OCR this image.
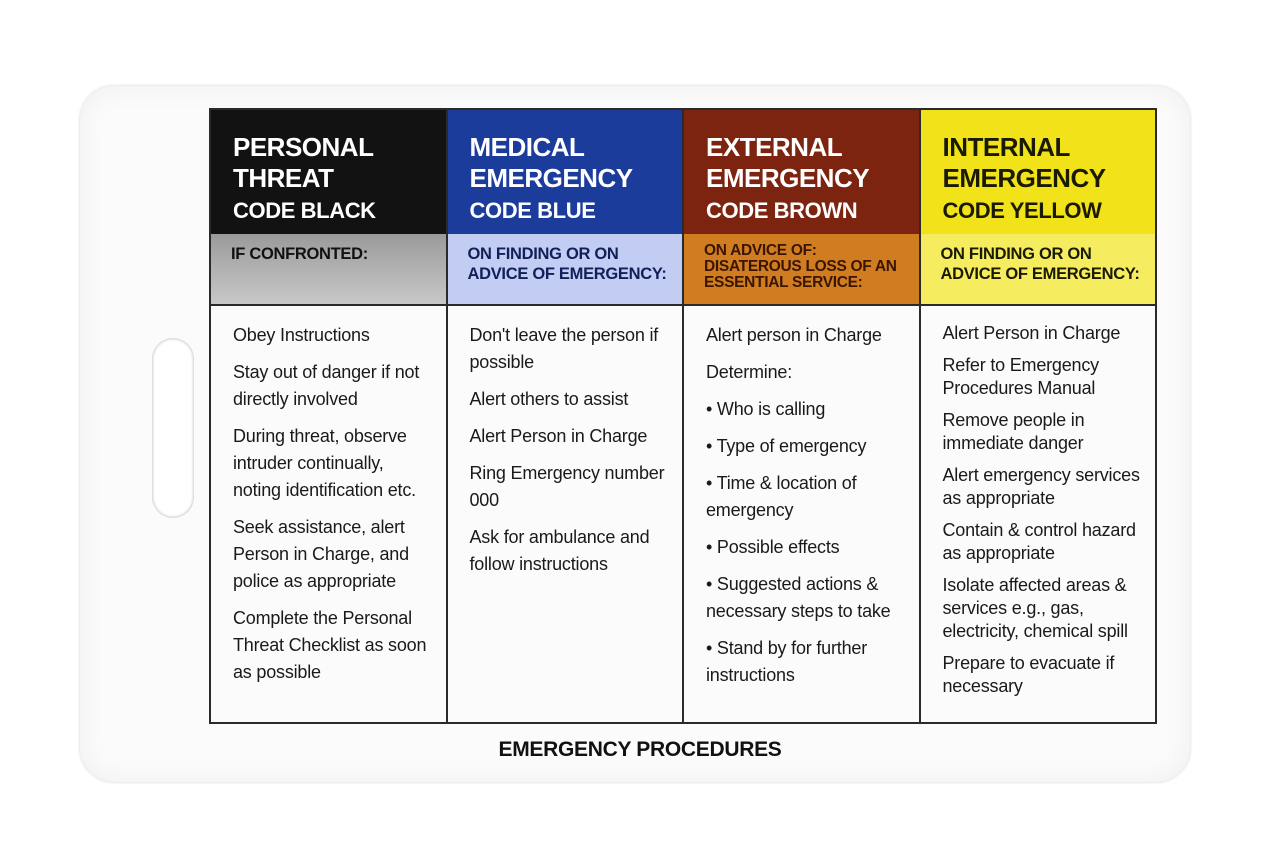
PERSONAL
THREAT
CODE BLACK
IF CONFRONTED:
Obey Instructions
Stay out of danger if not directly involved
During threat, observe intruder continually, noting identification etc.
Seek assistance, alert Person in Charge, and police as appropriate
Complete the Personal Threat Checklist as soon as possible
MEDICAL
EMERGENCY
CODE BLUE
ON FINDING OR ON ADVICE OF EMERGENCY:
Don't leave the person if possible
Alert others to assist
Alert Person in Charge
Ring Emergency number 000
Ask for ambulance and follow instructions
EXTERNAL
EMERGENCY
CODE BROWN
ON ADVICE OF: DISATEROUS LOSS OF AN ESSENTIAL SERVICE:
Alert person in Charge
Determine:
• Who is calling
• Type of emergency
• Time & location of emergency
• Possible effects
• Suggested actions & necessary steps to take
• Stand by for further instructions
INTERNAL
EMERGENCY
CODE YELLOW
ON FINDING OR ON ADVICE OF EMERGENCY:
Alert Person in Charge
Refer to Emergency Procedures Manual
Remove people in immediate danger
Alert emergency services as appropriate
Contain & control hazard as appropriate
Isolate affected areas & services e.g., gas, electricity, chemical spill
Prepare to evacuate if necessary
EMERGENCY PROCEDURES
